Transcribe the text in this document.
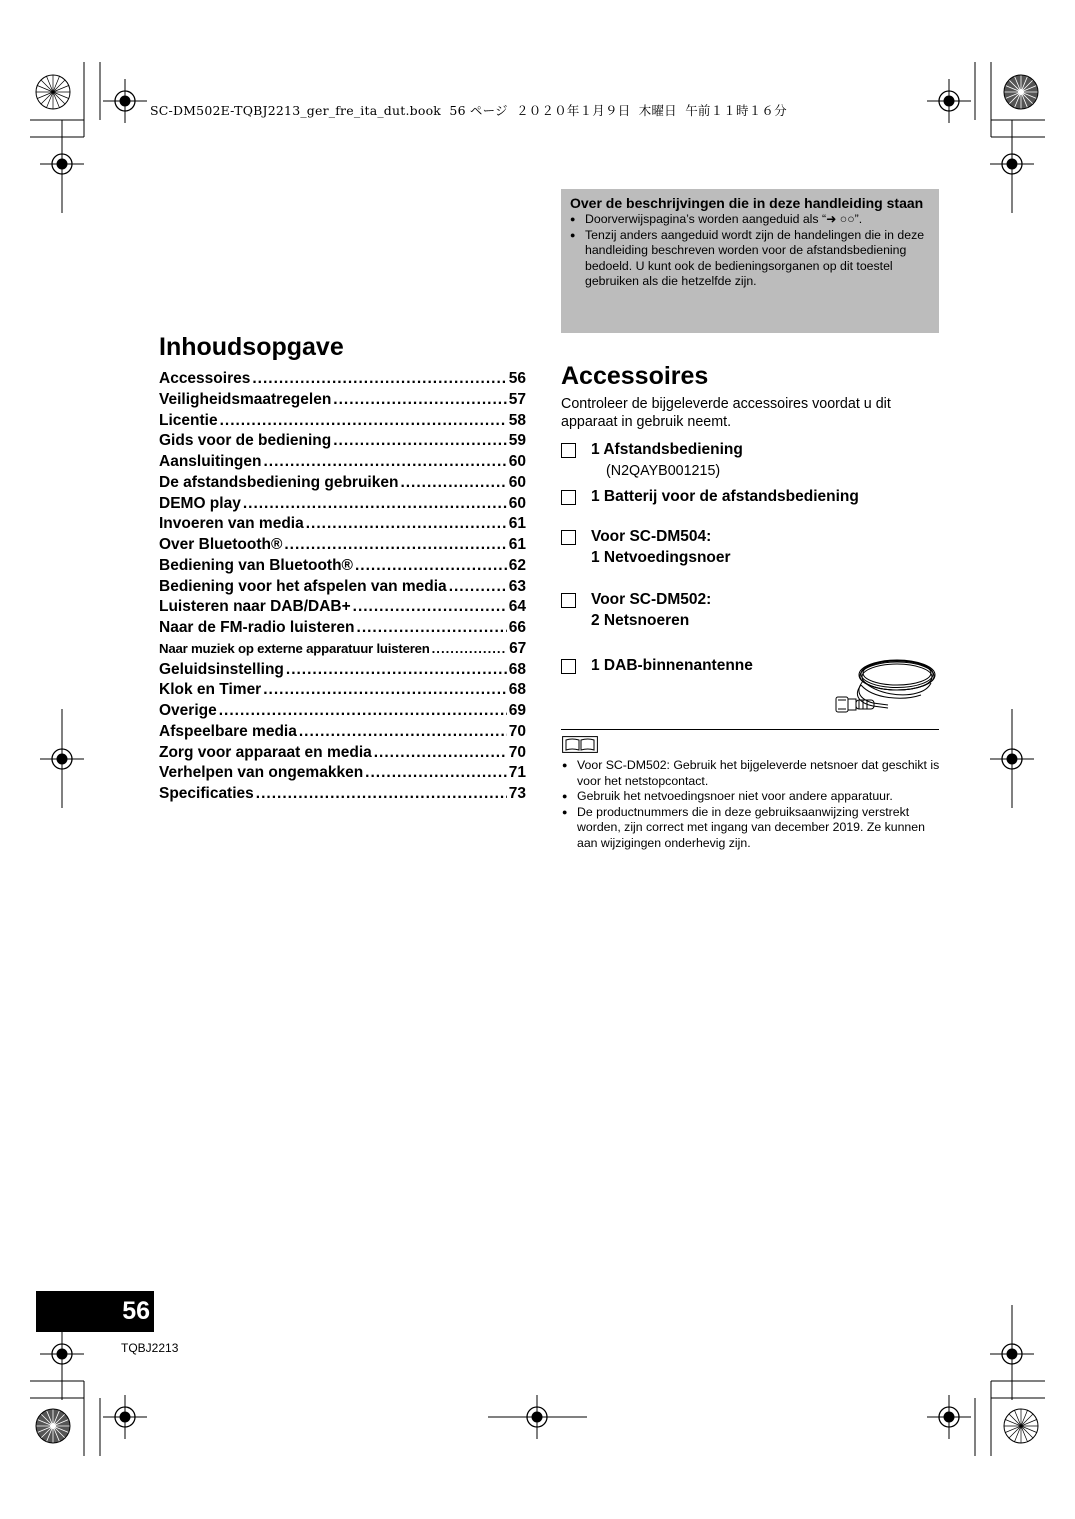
SC-DM502E-TQBJ2213_ger_fre_ita_dut.book  56 ページ  ２０２０年１月９日  木曜日  午前１１時１６分
Over de beschrijvingen die in deze handleiding staan
● Doorverwijspagina’s worden aangeduid als “➜ ○○”.
● Tenzij anders aangeduid wordt zijn de handelingen die in deze handleiding beschreven worden voor de afstandsbediening bedoeld. U kunt ook de bedieningsorganen op dit toestel gebruiken als die hetzelfde zijn.
Inhoudsopgave
Accessoires .....	56
Veiligheidsmaatregelen .....	57
Licentie .....	58
Gids voor de bediening .....	59
Aansluitingen .....	60
De afstandsbediening gebruiken .....	60
DEMO play .....	60
Invoeren van media .....	61
Over Bluetooth® .....	61
Bediening van Bluetooth® .....	62
Bediening voor het afspelen van media .....	63
Luisteren naar DAB/DAB+ .....	64
Naar de FM-radio luisteren .....	66
Naar muziek op externe apparatuur luisteren .....	67
Geluidsinstelling .....	68
Klok en Timer .....	68
Overige .....	69
Afspeelbare media .....	70
Zorg voor apparaat en media .....	70
Verhelpen van ongemakken .....	71
Specificaties .....	73
Accessoires
Controleer de bijgeleverde accessoires voordat u dit apparaat in gebruik neemt.
1 Afstandsbediening
(N2QAYB001215)
1 Batterij voor de afstandsbediening
Voor SC-DM504:
1 Netvoedingsnoer
Voor SC-DM502:
2 Netsnoeren
1 DAB-binnenantenne
● Voor SC-DM502: Gebruik het bijgeleverde netsnoer dat geschikt is voor het netstopcontact.
● Gebruik het netvoedingsnoer niet voor andere apparatuur.
● De productnummers die in deze gebruiksaanwijzing verstrekt worden, zijn correct met ingang van december 2019. Ze kunnen aan wijzigingen onderhevig zijn.
56
TQBJ2213
